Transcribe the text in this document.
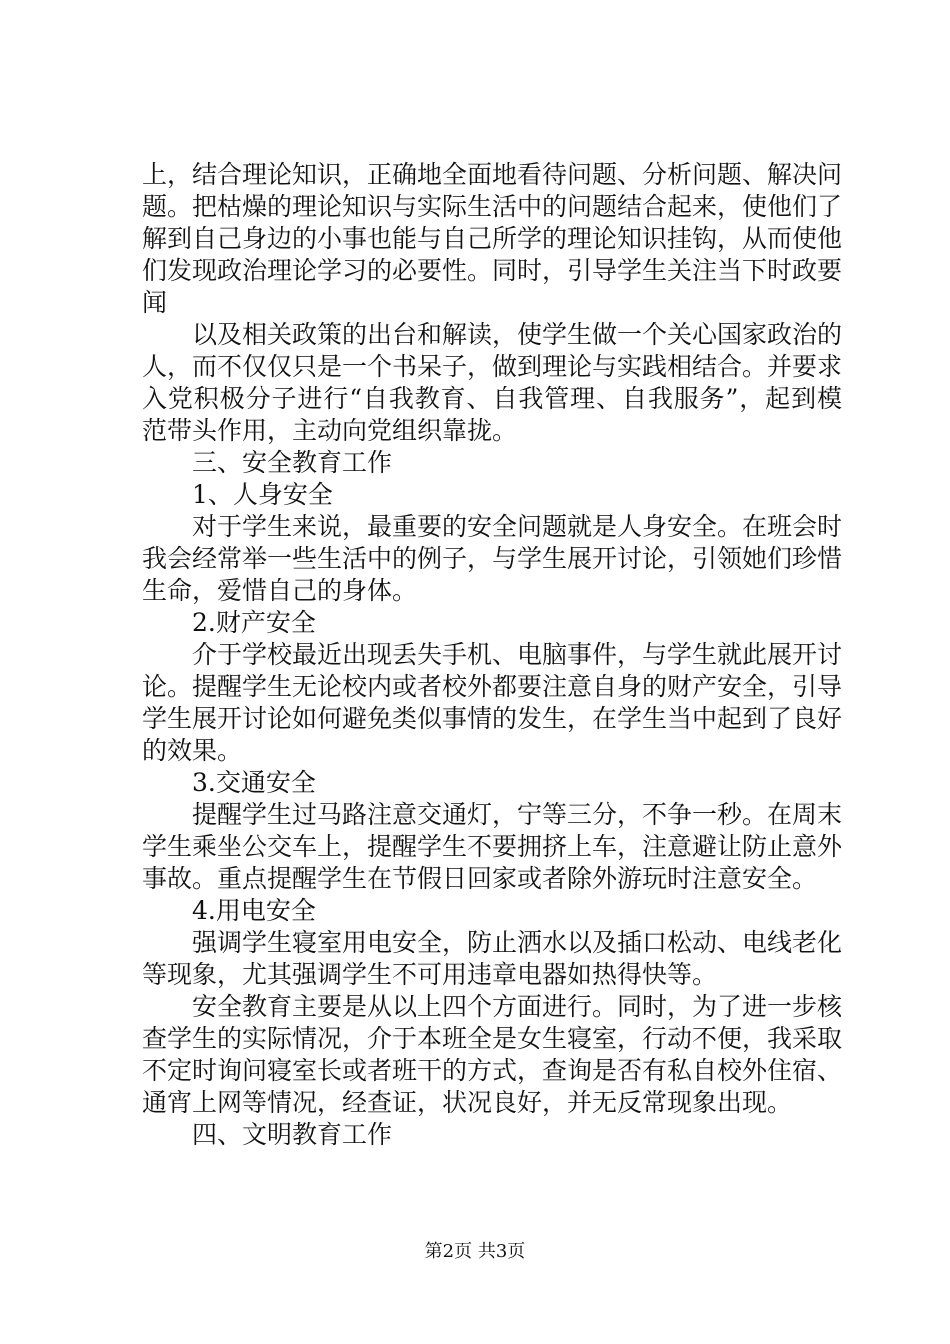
上，结合理论知识，正确地全面地看待问题、分析问题、解决问题。把枯燥的理论知识与实际生活中的问题结合起来，使他们了解到自己身边的小事也能与自己所学的理论知识挂钩，从而使他们发现政治理论学习的必要性。同时，引导学生关注当下时政要闻

以及相关政策的出台和解读，使学生做一个关心国家政治的人，而不仅仅只是一个书呆子，做到理论与实践相结合。并要求入党积极分子进行“自我教育、自我管理、自我服务”，起到模范带头作用，主动向党组织靠拢。

三、安全教育工作

1、人身安全

对于学生来说，最重要的安全问题就是人身安全。在班会时我会经常举一些生活中的例子，与学生展开讨论，引领她们珍惜生命，爱惜自己的身体。

2.财产安全

介于学校最近出现丢失手机、电脑事件，与学生就此展开讨论。提醒学生无论校内或者校外都要注意自身的财产安全，引导学生展开讨论如何避免类似事情的发生，在学生当中起到了良好的效果。

3.交通安全

提醒学生过马路注意交通灯，宁等三分，不争一秒。在周末学生乘坐公交车上，提醒学生不要拥挤上车，注意避让防止意外事故。重点提醒学生在节假日回家或者除外游玩时注意安全。

4.用电安全

强调学生寝室用电安全，防止洒水以及插口松动、电线老化等现象，尤其强调学生不可用违章电器如热得快等。

安全教育主要是从以上四个方面进行。同时，为了进一步核查学生的实际情况，介于本班全是女生寝室，行动不便，我采取不定时询问寝室长或者班干的方式，查询是否有私自校外住宿、通宵上网等情况，经查证，状况良好，并无反常现象出现。

四、文明教育工作

第2页 共3页
